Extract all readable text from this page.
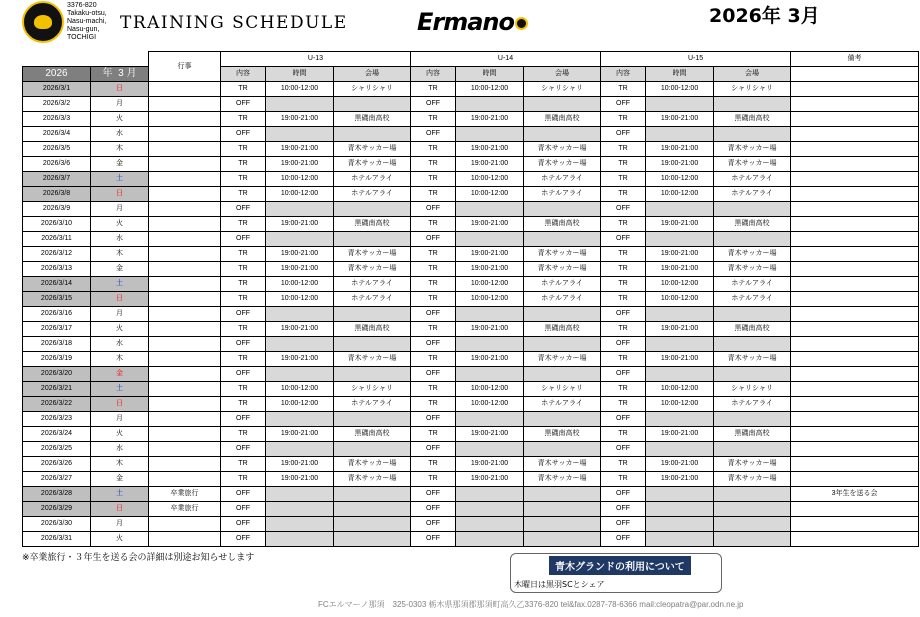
3376-820
Takaku-otsu,
Nasu-machi,
Nasu-gun,
TOCHIGI
TRAINING SCHEDULE	Ermano	2026年 3月
		行事	U-13			U-14			U-15			備考
2026	年 3 月		内容	時間	会場	内容	時間	会場	内容	時間	会場	
2026/3/1	日		TR	10:00-12:00	シャリシャリ	TR	10:00-12:00	シャリシャリ	TR	10:00-12:00	シャリシャリ	
2026/3/2	月		OFF			OFF			OFF			
2026/3/3	火		TR	19:00-21:00	黒磯南高校	TR	19:00-21:00	黒磯南高校	TR	19:00-21:00	黒磯南高校	
2026/3/4	水		OFF			OFF			OFF			
2026/3/5	木		TR	19:00-21:00	青木サッカー場	TR	19:00-21:00	青木サッカー場	TR	19:00-21:00	青木サッカー場	
2026/3/6	金		TR	19:00-21:00	青木サッカー場	TR	19:00-21:00	青木サッカー場	TR	19:00-21:00	青木サッカー場	
2026/3/7	土		TR	10:00-12:00	ホテルアライ	TR	10:00-12:00	ホテルアライ	TR	10:00-12:00	ホテルアライ	
2026/3/8	日		TR	10:00-12:00	ホテルアライ	TR	10:00-12:00	ホテルアライ	TR	10:00-12:00	ホテルアライ	
2026/3/9	月		OFF			OFF			OFF			
2026/3/10	火		TR	19:00-21:00	黒磯南高校	TR	19:00-21:00	黒磯南高校	TR	19:00-21:00	黒磯南高校	
2026/3/11	水		OFF			OFF			OFF			
2026/3/12	木		TR	19:00-21:00	青木サッカー場	TR	19:00-21:00	青木サッカー場	TR	19:00-21:00	青木サッカー場	
2026/3/13	金		TR	19:00-21:00	青木サッカー場	TR	19:00-21:00	青木サッカー場	TR	19:00-21:00	青木サッカー場	
2026/3/14	土		TR	10:00-12:00	ホテルアライ	TR	10:00-12:00	ホテルアライ	TR	10:00-12:00	ホテルアライ	
2026/3/15	日		TR	10:00-12:00	ホテルアライ	TR	10:00-12:00	ホテルアライ	TR	10:00-12:00	ホテルアライ	
2026/3/16	月		OFF			OFF			OFF			
2026/3/17	火		TR	19:00-21:00	黒磯南高校	TR	19:00-21:00	黒磯南高校	TR	19:00-21:00	黒磯南高校	
2026/3/18	水		OFF			OFF			OFF			
2026/3/19	木		TR	19:00-21:00	青木サッカー場	TR	19:00-21:00	青木サッカー場	TR	19:00-21:00	青木サッカー場	
2026/3/20	金		OFF			OFF			OFF			
2026/3/21	土		TR	10:00-12:00	シャリシャリ	TR	10:00-12:00	シャリシャリ	TR	10:00-12:00	シャリシャリ	
2026/3/22	日		TR	10:00-12:00	ホテルアライ	TR	10:00-12:00	ホテルアライ	TR	10:00-12:00	ホテルアライ	
2026/3/23	月		OFF			OFF			OFF			
2026/3/24	火		TR	19:00-21:00	黒磯南高校	TR	19:00-21:00	黒磯南高校	TR	19:00-21:00	黒磯南高校	
2026/3/25	水		OFF			OFF			OFF			
2026/3/26	木		TR	19:00-21:00	青木サッカー場	TR	19:00-21:00	青木サッカー場	TR	19:00-21:00	青木サッカー場	
2026/3/27	金		TR	19:00-21:00	青木サッカー場	TR	19:00-21:00	青木サッカー場	TR	19:00-21:00	青木サッカー場	
2026/3/28	土	卒業旅行	OFF			OFF			OFF			3年生を送る会
2026/3/29	日	卒業旅行	OFF			OFF			OFF			
2026/3/30	月		OFF			OFF			OFF			
2026/3/31	火		OFF			OFF			OFF			
※卒業旅行・３年生を送る会の詳細は別途お知らせします
青木グランドの利用について
木曜日は黒羽SCとシェア
FCエルマーノ那須　325-0303 栃木県那須郡那須町高久乙3376-820 tel&fax.0287-78-6366 mail:cleopatra@par.odn.ne.jp
